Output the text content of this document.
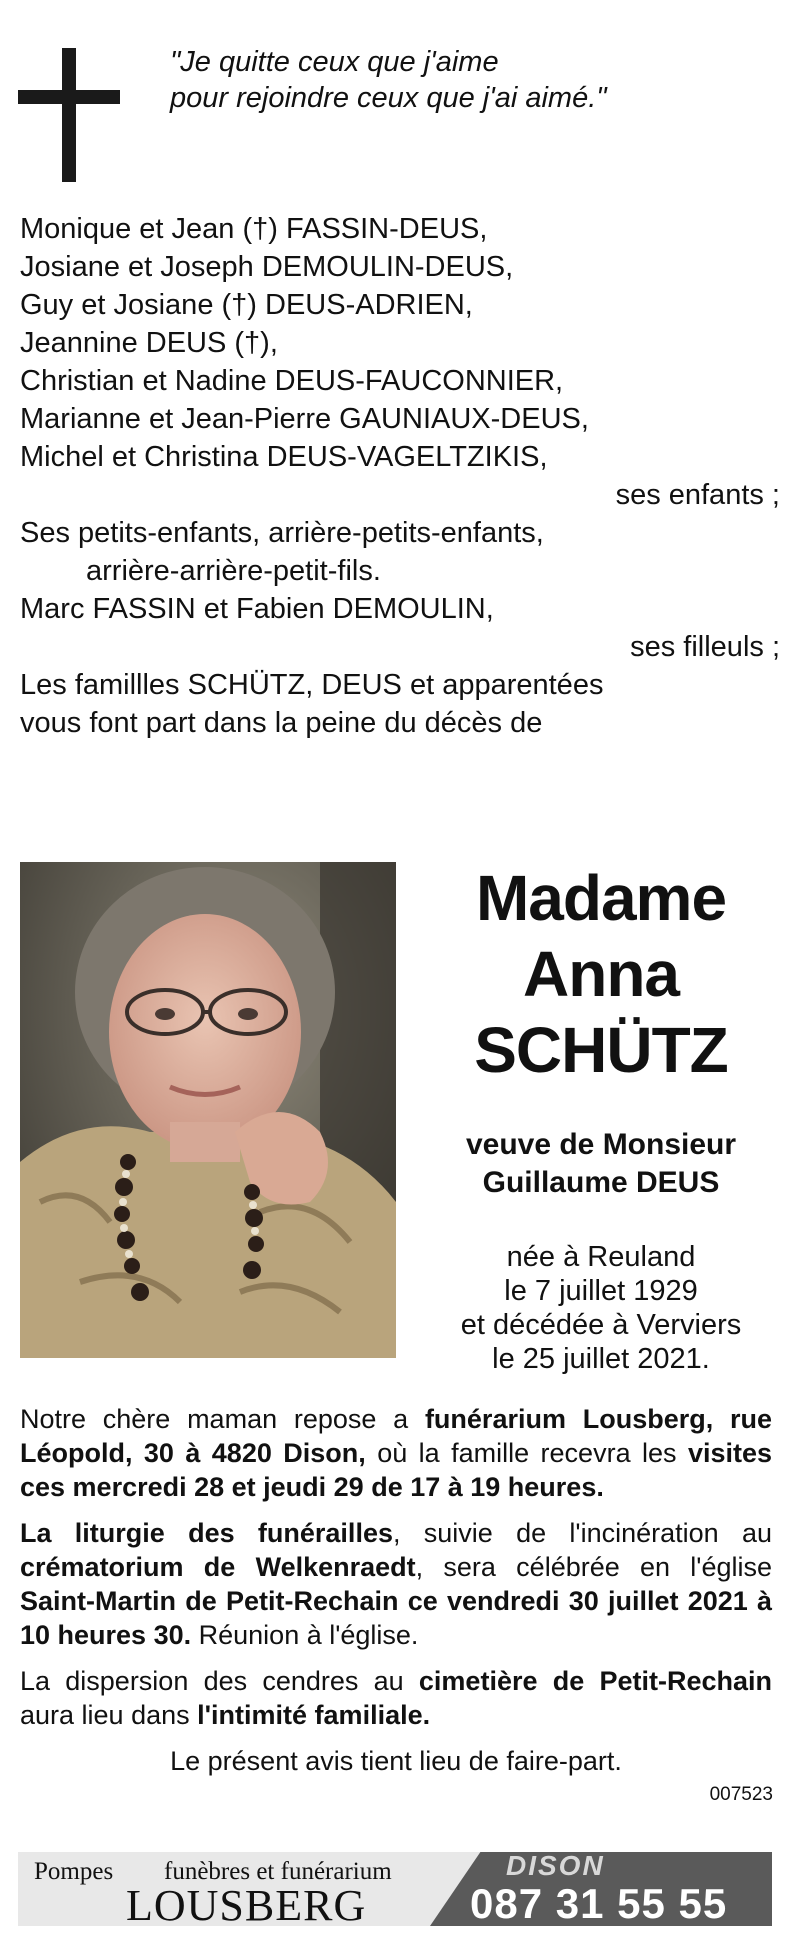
"Je quitte ceux que j'aime
pour rejoindre ceux que j'ai aimé."
Monique et Jean (†) FASSIN-DEUS,
Josiane et Joseph DEMOULIN-DEUS,
Guy et Josiane (†) DEUS-ADRIEN,
Jeannine DEUS (†),
Christian et Nadine DEUS-FAUCONNIER,
Marianne et Jean-Pierre GAUNIAUX-DEUS,
Michel et Christina DEUS-VAGELTZIKIS,
ses enfants ;
Ses petits-enfants, arrière-petits-enfants,
arrière-arrière-petit-fils.
Marc FASSIN et Fabien DEMOULIN,
ses filleuls ;
Les famillles SCHÜTZ, DEUS et apparentées
vous font part dans la peine du décès de
Madame
Anna
SCHÜTZ
veuve de Monsieur
Guillaume DEUS
née à Reuland
le 7 juillet 1929
et décédée à Verviers
le 25 juillet 2021.

Notre chère maman repose a funérarium Lousberg, rue Léopold, 30 à 4820 Dison, où la famille recevra les visites ces mercredi 28 et jeudi 29 de 17 à 19 heures.

La liturgie des funérailles, suivie de l'incinération au crématorium de Welkenraedt, sera célébrée en l'église Saint-Martin de Petit-Rechain ce vendredi 30 juillet 2021 à 10 heures 30. Réunion à l'église.

La dispersion des cendres au cimetière de Petit-Rechain aura lieu dans l'intimité familiale.

Le présent avis tient lieu de faire-part.

007523
Pompes funèbres et funérarium
LOUSBERG
DISON
087 31 55 55
